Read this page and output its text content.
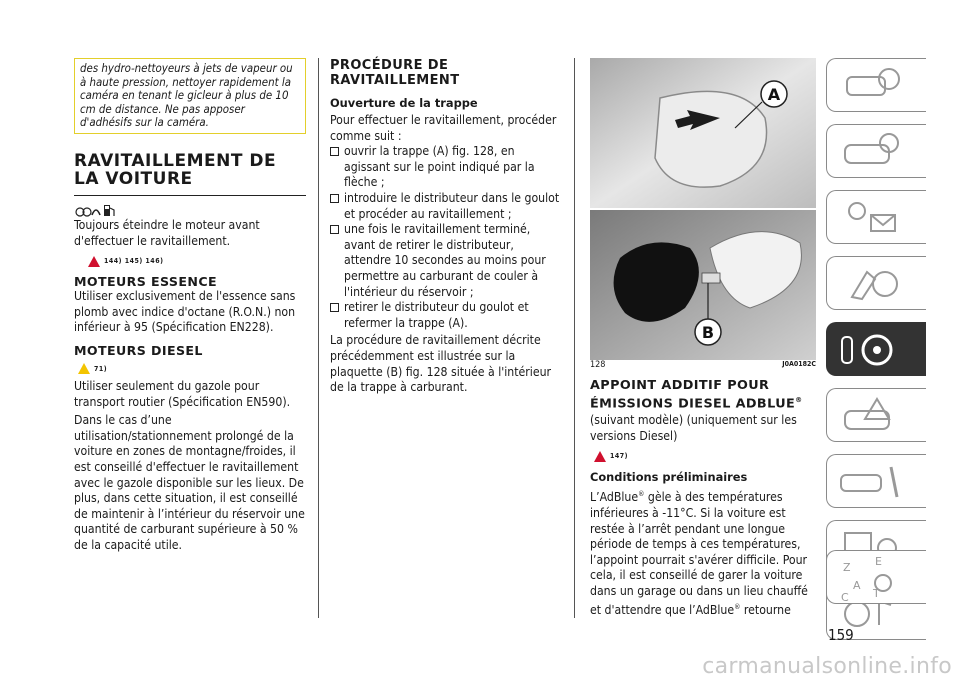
des hydro-nettoyeurs à jets de vapeur ou à haute pression, nettoyer rapidement la caméra en tenant le gicleur à plus de 10 cm de distance. Ne pas apposer d'adhésifs sur la caméra.
RAVITAILLEMENT DE LA VOITURE
Toujours éteindre le moteur avant d'effectuer le ravitaillement.
144) 145) 146)
MOTEURS ESSENCE
Utiliser exclusivement de l'essence sans plomb avec indice d'octane (R.O.N.) non inférieur à 95 (Spécification EN228).
MOTEURS DIESEL
71)
Utiliser seulement du gazole pour transport routier (Spécification EN590).
Dans le cas d’une utilisation/stationnement prolongé de la voiture en zones de montagne/froides, il est conseillé d'effectuer le ravitaillement avec le gazole disponible sur les lieux. De plus, dans cette situation, il est conseillé de maintenir à l’intérieur du réservoir une quantité de carburant supérieure à 50 % de la capacité utile.
PROCÉDURE DE RAVITAILLEMENT
Ouverture de la trappe
Pour effectuer le ravitaillement, procéder comme suit :
ouvrir la trappe (A) fig. 128, en agissant sur le point indiqué par la flèche ;
introduire le distributeur dans le goulot et procéder au ravitaillement ;
une fois le ravitaillement terminé, avant de retirer le distributeur, attendre 10 secondes au moins pour permettre au carburant de couler à l'intérieur du réservoir ;
retirer le distributeur du goulot et refermer la trappe (A).
La procédure de ravitaillement décrite précédemment est illustrée sur la plaquette (B) fig. 128 située à l'intérieur de la trappe à carburant.
A
B
128	J0A0182C
APPOINT ADDITIF POUR ÉMISSIONS DIESEL ADBLUE®
(suivant modèle) (uniquement sur les versions Diesel)
147)
Conditions préliminaires
L’AdBlue® gèle à des températures inférieures à -11°C. Si la voiture est restée à l’arrêt pendant une longue période de temps à ces températures, l’appoint pourrait s'avérer difficile. Pour cela, il est conseillé de garer la voiture dans un garage ou dans un lieu chauffé et d'attendre que l’AdBlue® retourne
Z E
A
C T
159
carmanualsonline.info
